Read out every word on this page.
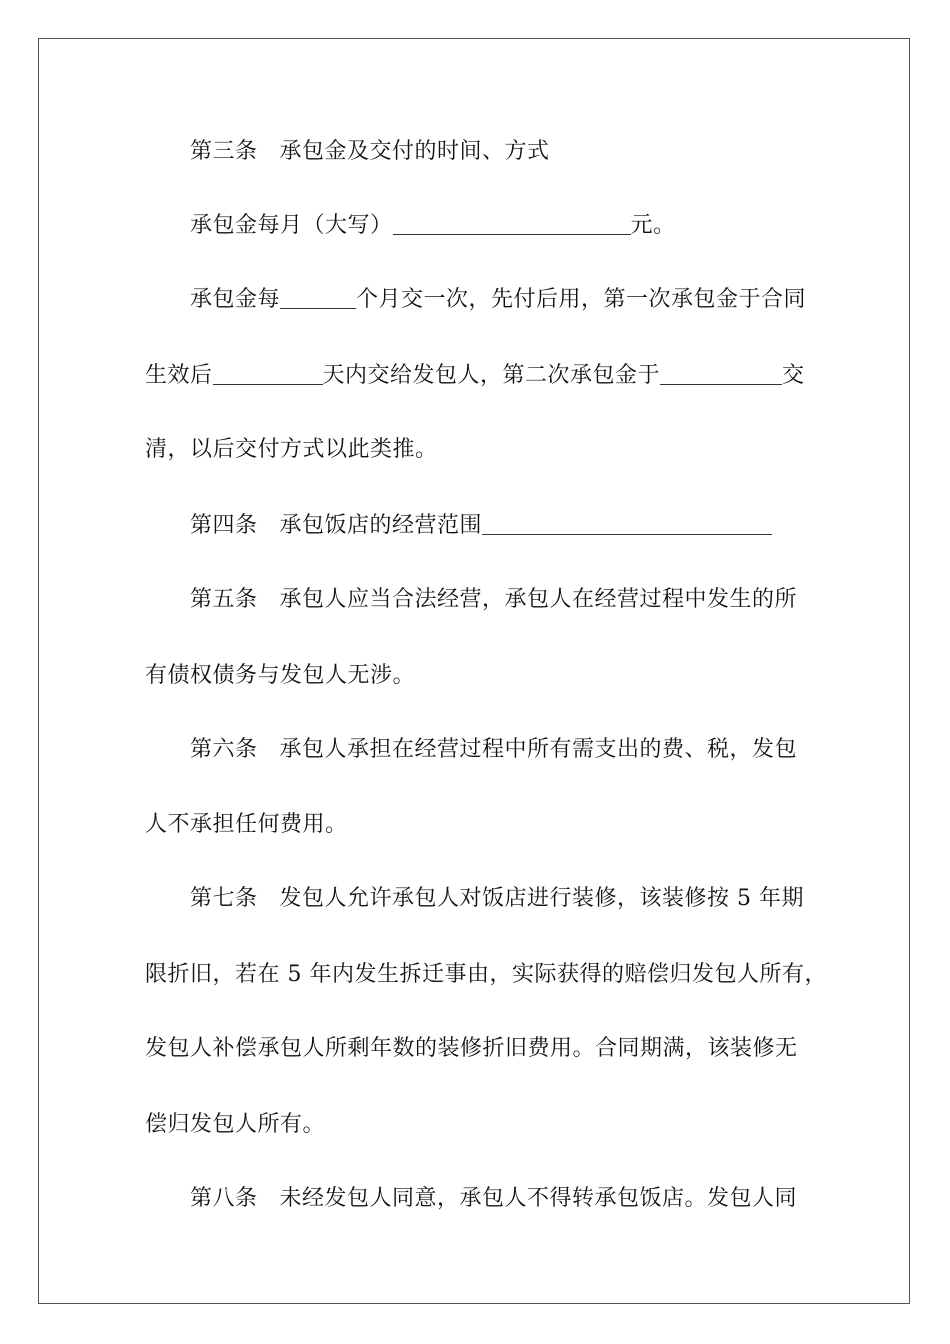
第三条 承包金及交付的时间、方式
承包金每月（大写）	元。
承包金每	个月交一次，先付后用，第一次承包金于合同
生效后	天内交给发包人，第二次承包金于	交
清，以后交付方式以此类推。
第四条 承包饭店的经营范围
第五条 承包人应当合法经营，承包人在经营过程中发生的所
有债权债务与发包人无涉。
第六条 承包人承担在经营过程中所有需支出的费、税，发包
人不承担任何费用。
第七条 发包人允许承包人对饭店进行装修，该装修按 5 年期
限折旧，若在 5 年内发生拆迁事由，实际获得的赔偿归发包人所有，
发包人补偿承包人所剩年数的装修折旧费用。合同期满，该装修无
偿归发包人所有。
第八条 未经发包人同意，承包人不得转承包饭店。发包人同
